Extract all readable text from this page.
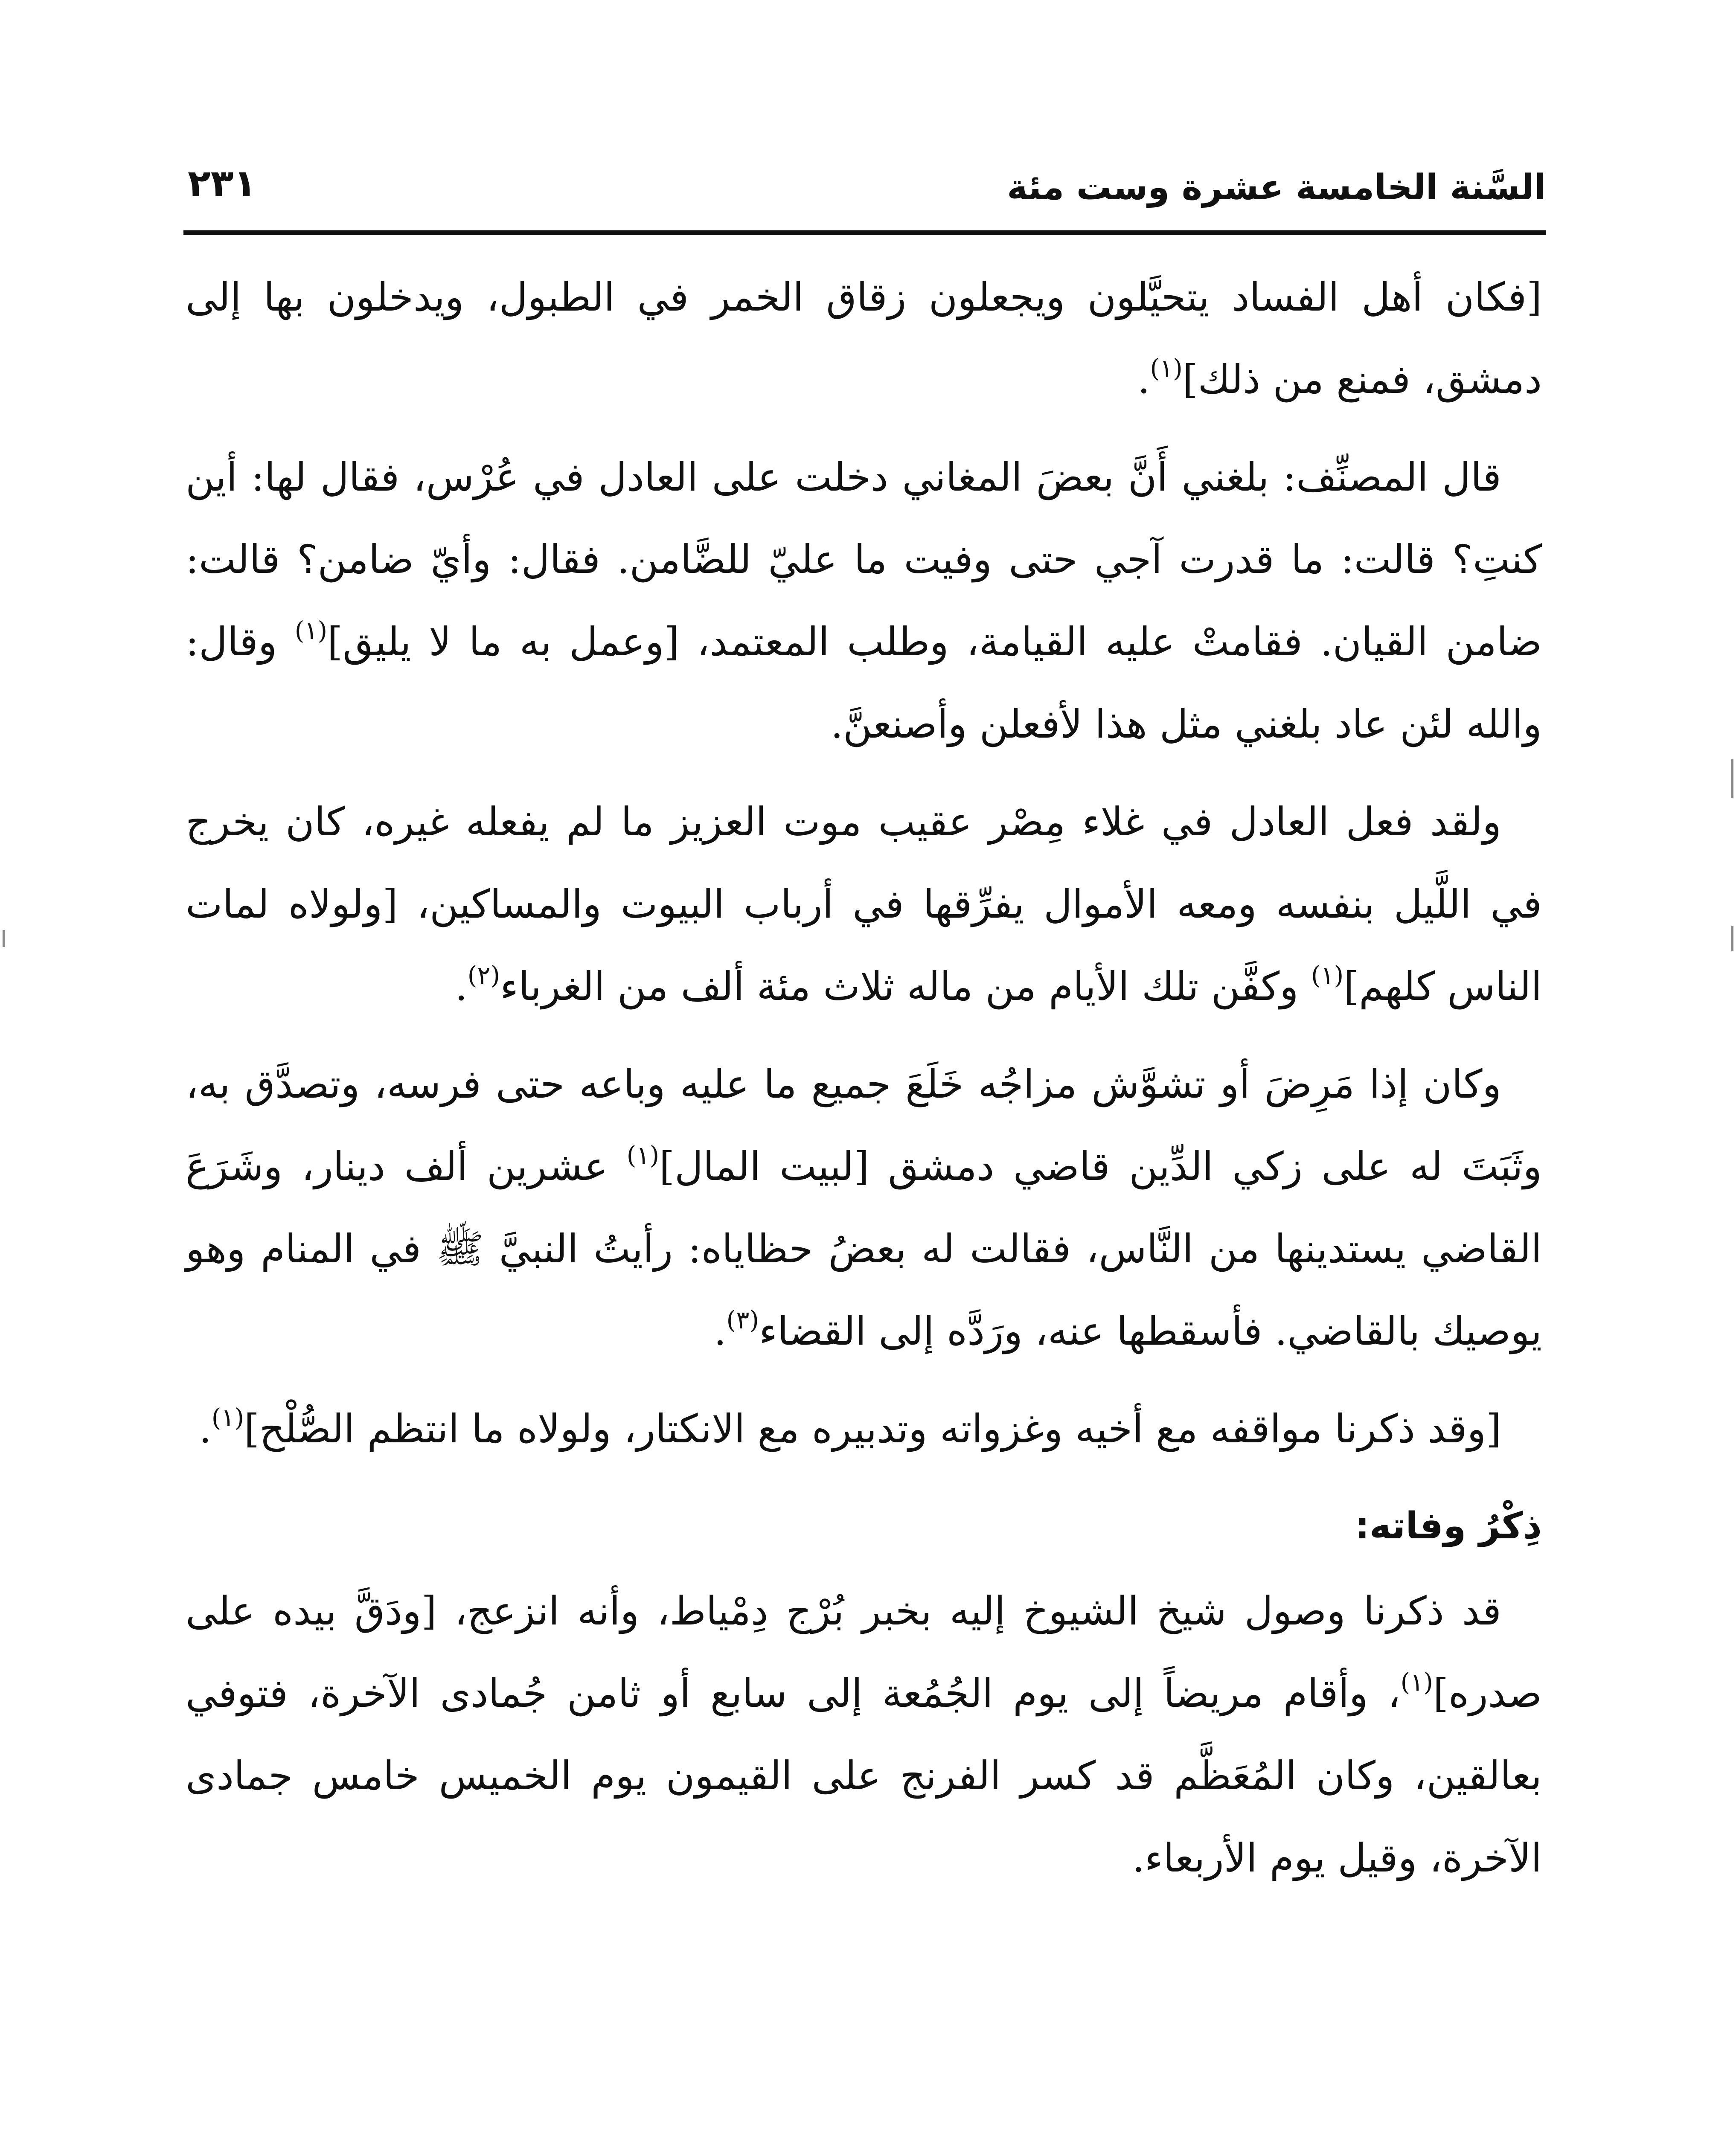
السَّنة الخامسة عشرة وست مئة
٢٣١

[فكان أهل الفساد يتحيَّلون ويجعلون زقاق الخمر في الطبول، ويدخلون بها إلى دمشق، فمنع من ذلك]$^{(١)}$.

قال المصنِّف: بلغني أَنَّ بعضَ المغاني دخلت على العادل في عُرْس، فقال لها: أين كنتِ؟ قالت: ما قدرت آجي حتى وفيت ما عليّ للضَّامن. فقال: وأيّ ضامن؟ قالت: ضامن القيان. فقامتْ عليه القيامة، وطلب المعتمد، [وعمل به ما لا يليق]$^{(١)}$ وقال: والله لئن عاد بلغني مثل هذا لأفعلن وأصنعنَّ.

ولقد فعل العادل في غلاء مِصْر عقيب موت العزيز ما لم يفعله غيره، كان يخرج في اللَّيل بنفسه ومعه الأموال يفرِّقها في أرباب البيوت والمساكين، [ولولاه لمات الناس كلهم]$^{(١)}$ وكفَّن تلك الأيام من ماله ثلاث مئة ألف من الغرباء$^{(٢)}$.

وكان إذا مَرِضَ أو تشوَّش مزاجُه خَلَعَ جميع ما عليه وباعه حتى فرسه، وتصدَّق به، وثَبَتَ له على زكي الدِّين قاضي دمشق [لبيت المال]$^{(١)}$ عشرين ألف دينار، وشَرَعَ القاضي يستدينها من النَّاس، فقالت له بعضُ حظاياه: رأيتُ النبيَّ ﷺ في المنام وهو يوصيك بالقاضي. فأسقطها عنه، ورَدَّه إلى القضاء$^{(٣)}$.

[وقد ذكرنا مواقفه مع أخيه وغزواته وتدبيره مع الانكتار، ولولاه ما انتظم الصُّلْح]$^{(١)}$.

ذِكْرُ وفاته:

قد ذكرنا وصول شيخ الشيوخ إليه بخبر بُرْج دِمْياط، وأنه انزعج، [ودَقَّ بيده على صدره]$^{(١)}$، وأقام مريضاً إلى يوم الجُمُعة إلى سابع أو ثامن جُمادى الآخرة، فتوفي بعالقين، وكان المُعَظَّم قد كسر الفرنج على القيمون يوم الخميس خامس جمادى الآخرة، وقيل يوم الأربعاء.
